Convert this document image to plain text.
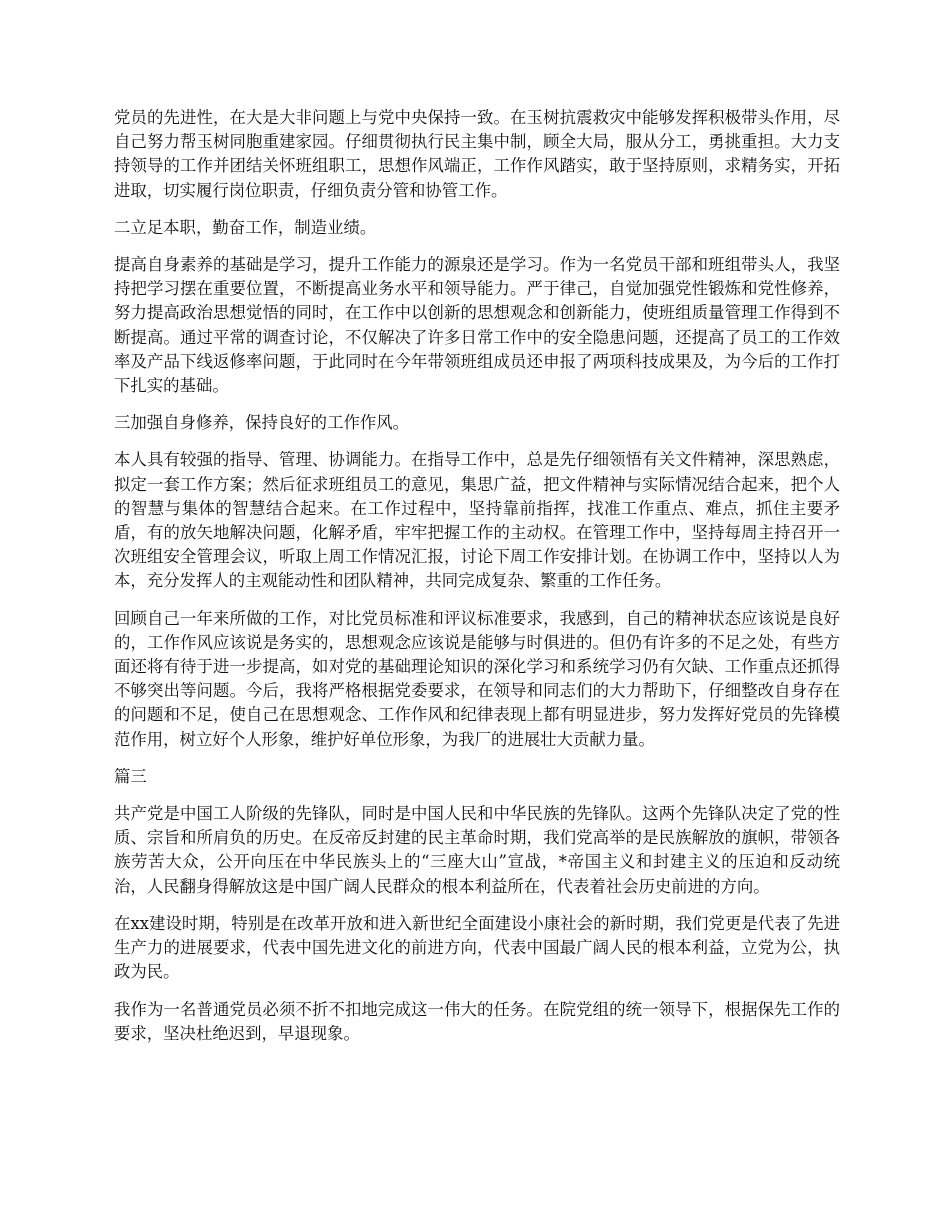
党员的先进性，在大是大非问题上与党中央保持一致。在玉树抗震救灾中能够发挥积极带头作用，尽自己努力帮玉树同胞重建家园。仔细贯彻执行民主集中制，顾全大局，服从分工，勇挑重担。大力支持领导的工作并团结关怀班组职工，思想作风端正，工作作风踏实，敢于坚持原则，求精务实，开拓进取，切实履行岗位职责，仔细负责分管和协管工作。

二立足本职，勤奋工作，制造业绩。

提高自身素养的基础是学习，提升工作能力的源泉还是学习。作为一名党员干部和班组带头人，我坚持把学习摆在重要位置，不断提高业务水平和领导能力。严于律己，自觉加强党性锻炼和党性修养，努力提高政治思想觉悟的同时，在工作中以创新的思想观念和创新能力，使班组质量管理工作得到不断提高。通过平常的调查讨论，不仅解决了许多日常工作中的安全隐患问题，还提高了员工的工作效率及产品下线返修率问题，于此同时在今年带领班组成员还申报了两项科技成果及，为今后的工作打下扎实的基础。

三加强自身修养，保持良好的工作作风。

本人具有较强的指导、管理、协调能力。在指导工作中，总是先仔细领悟有关文件精神，深思熟虑，拟定一套工作方案；然后征求班组员工的意见，集思广益，把文件精神与实际情况结合起来，把个人的智慧与集体的智慧结合起来。在工作过程中，坚持靠前指挥，找准工作重点、难点，抓住主要矛盾，有的放矢地解决问题，化解矛盾，牢牢把握工作的主动权。在管理工作中，坚持每周主持召开一次班组安全管理会议，听取上周工作情况汇报，讨论下周工作安排计划。在协调工作中，坚持以人为本，充分发挥人的主观能动性和团队精神，共同完成复杂、繁重的工作任务。

回顾自己一年来所做的工作，对比党员标准和评议标准要求，我感到，自己的精神状态应该说是良好的，工作作风应该说是务实的，思想观念应该说是能够与时俱进的。但仍有许多的不足之处，有些方面还将有待于进一步提高，如对党的基础理论知识的深化学习和系统学习仍有欠缺、工作重点还抓得不够突出等问题。今后，我将严格根据党委要求，在领导和同志们的大力帮助下，仔细整改自身存在的问题和不足，使自己在思想观念、工作作风和纪律表现上都有明显进步，努力发挥好党员的先锋模范作用，树立好个人形象，维护好单位形象，为我厂的进展壮大贡献力量。

篇三

共产党是中国工人阶级的先锋队，同时是中国人民和中华民族的先锋队。这两个先锋队决定了党的性质、宗旨和所肩负的历史。在反帝反封建的民主革命时期，我们党高举的是民族解放的旗帜，带领各族劳苦大众，公开向压在中华民族头上的“三座大山”宣战，*帝国主义和封建主义的压迫和反动统治，人民翻身得解放这是中国广阔人民群众的根本利益所在，代表着社会历史前进的方向。

在xx建设时期，特别是在改革开放和进入新世纪全面建设小康社会的新时期，我们党更是代表了先进生产力的进展要求，代表中国先进文化的前进方向，代表中国最广阔人民的根本利益，立党为公，执政为民。

我作为一名普通党员必须不折不扣地完成这一伟大的任务。在院党组的统一领导下，根据保先工作的要求，坚决杜绝迟到，早退现象。
